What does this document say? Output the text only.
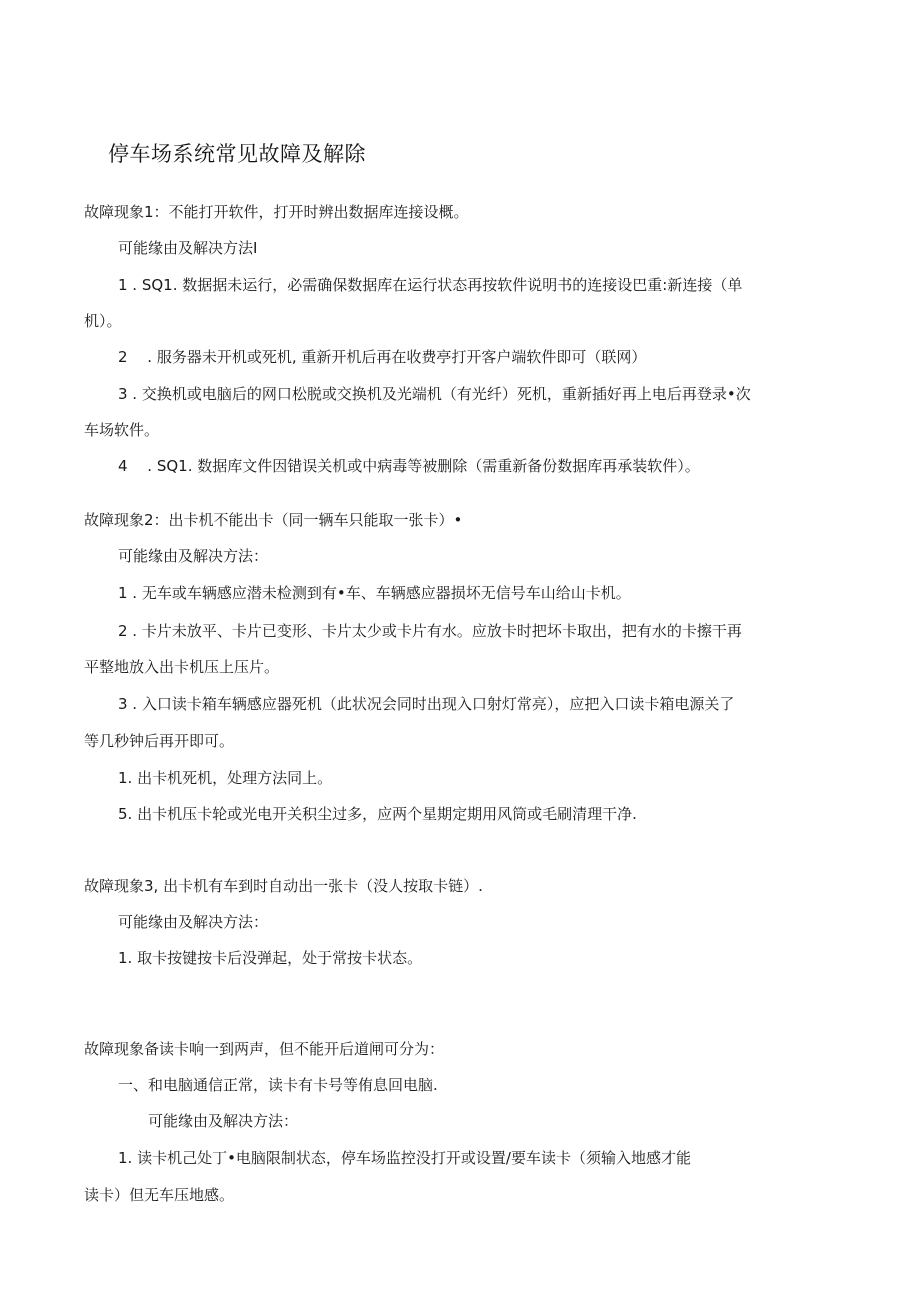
停车场系统常见故障及解除
故障现象1：不能打开软件，打开时辨出数据库连接设概。
可能缘由及解决方法I
1 . SQ1. 数据据未运行，必需确保数据库在运行状态再按软件说明书的连接设巴重:新连接（单
机）。
2　 . 服务器未开机或死机, 重新开机后再在收费亭打开客户端软件即可（联网）
3 . 交换机或电脑后的网口松脱或交换机及光端机（有光纤）死机，重新插好再上电后再登录•次
车场软件。
4　 . SQ1. 数据库文件因错误关机或中病毒等被删除（需重新备份数据库再承装软件）。
故障现象2：出卡机不能出卡（同一辆车只能取一张卡）•
可能缘由及解决方法：
1 . 无车或车辆感应潜未检测到有•车、车辆感应器损坏无信号车山给山卡机。
2 . 卡片未放平、卡片已变形、卡片太少或卡片有水。应放卡时把坏卡取出，把有水的卡擦干再
平整地放入出卡机压上压片。
3 . 入口读卡箱车辆感应器死机（此状况会同时出现入口射灯常亮），应把入口读卡箱电源关了
等几秒钟后再开即可。
1. 出卡机死机，处理方法同上。
5. 出卡机压卡轮或光电开关积尘过多，应两个星期定期用风筒或毛刷清理干净.
故障现象3, 出卡机有车到时自动出一张卡（没人按取卡链）.
可能缘由及解决方法：
1. 取卡按键按卡后没弹起，处于常按卡状态。
故障现象备读卡响一到两声，但不能开后道闸可分为：
一、和电脑通信正常，读卡有卡号等侑息回电脑.
可能缘由及解决方法：
1. 读卡机己处丁•电脑限制状态，停车场监控没打开或设置/要车读卡（须输入地感才能
读卡）但无车压地感。
